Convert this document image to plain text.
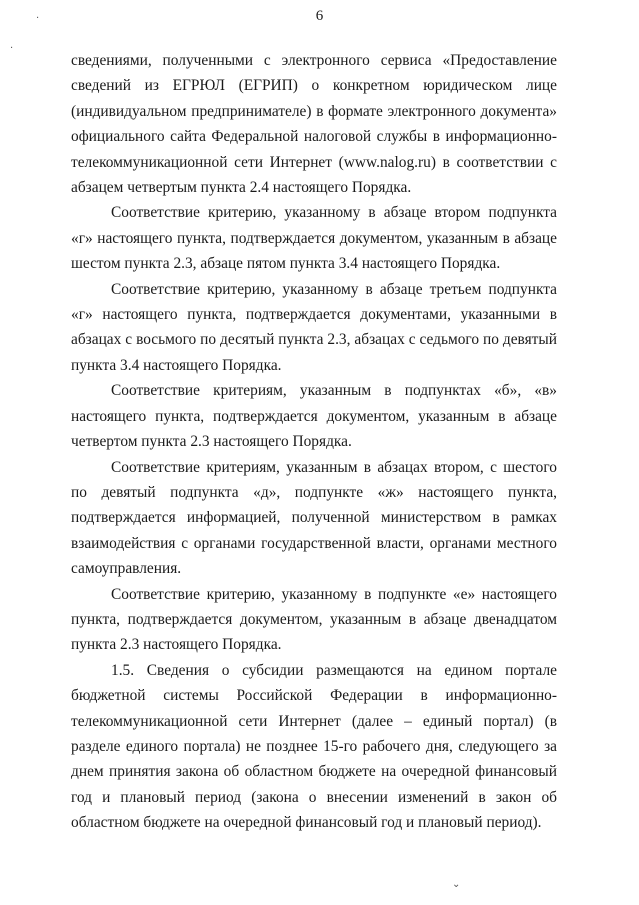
6
·
·
⌄

сведениями, полученными с электронного сервиса «Предоставление сведений из ЕГРЮЛ (ЕГРИП) о конкретном юридическом лице (индивидуальном предпринимателе) в формате электронного документа» официального сайта Федеральной налоговой службы в информационно-телекоммуникационной сети Интернет (www.nalog.ru) в соответствии с абзацем четвертым пункта 2.4 настоящего Порядка.

Соответствие критерию, указанному в абзаце втором подпункта «г» настоящего пункта, подтверждается документом, указанным в абзаце шестом пункта 2.3, абзаце пятом пункта 3.4 настоящего Порядка.

Соответствие критерию, указанному в абзаце третьем подпункта «г» настоящего пункта, подтверждается документами, указанными в абзацах с восьмого по десятый пункта 2.3, абзацах с седьмого по девятый пункта 3.4 настоящего Порядка.

Соответствие критериям, указанным в подпунктах «б», «в» настоящего пункта, подтверждается документом, указанным в абзаце четвертом пункта 2.3 настоящего Порядка.

Соответствие критериям, указанным в абзацах втором, с шестого по девятый подпункта «д», подпункте «ж» настоящего пункта, подтверждается информацией, полученной министерством в рамках взаимодействия с органами государственной власти, органами местного самоуправления.

Соответствие критерию, указанному в подпункте «е» настоящего пункта, подтверждается документом, указанным в абзаце двенадцатом пункта 2.3 настоящего Порядка.

1.5. Сведения о субсидии размещаются на едином портале бюджетной системы Российской Федерации в информационно-телекоммуникационной сети Интернет (далее – единый портал) (в разделе единого портала) не позднее 15-го рабочего дня, следующего за днем принятия закона об областном бюджете на очередной финансовый год и плановый период (закона о внесении изменений в закон об областном бюджете на очередной финансовый год и плановый период).
